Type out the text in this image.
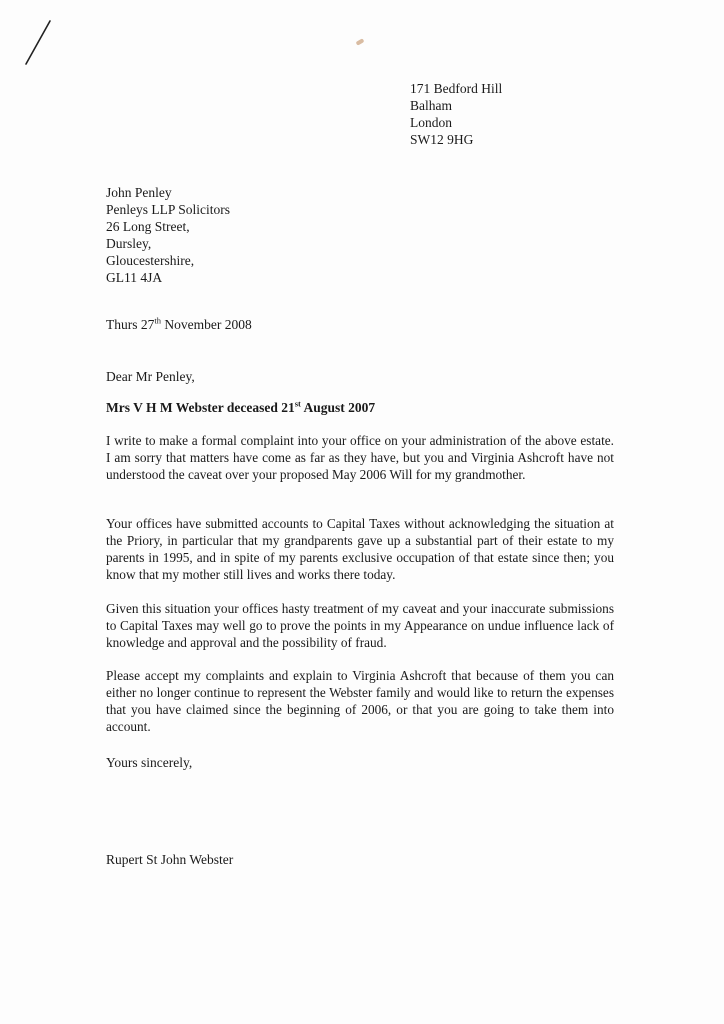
171 Bedford Hill
Balham
London
SW12 9HG
John Penley
Penleys LLP Solicitors
26 Long Street,
Dursley,
Gloucestershire,
GL11 4JA
Thurs 27th November 2008
Dear Mr Penley,
Mrs V H M Webster deceased 21st August 2007
I write to make a formal complaint into your office on your administration of the above estate. I am sorry that matters have come as far as they have, but you and Virginia Ashcroft have not understood the caveat over your proposed May 2006 Will for my grandmother.
Your offices have submitted accounts to Capital Taxes without acknowledging the situation at the Priory, in particular that my grandparents gave up a substantial part of their estate to my parents in 1995, and in spite of my parents exclusive occupation of that estate since then; you know that my mother still lives and works there today.
Given this situation your offices hasty treatment of my caveat and your inaccurate submissions to Capital Taxes may well go to prove the points in my Appearance on undue influence lack of knowledge and approval and the possibility of fraud.
Please accept my complaints and explain to Virginia Ashcroft that because of them you can either no longer continue to represent the Webster family and would like to return the expenses that you have claimed since the beginning of 2006, or that you are going to take them into account.
Yours sincerely,
Rupert St John Webster
